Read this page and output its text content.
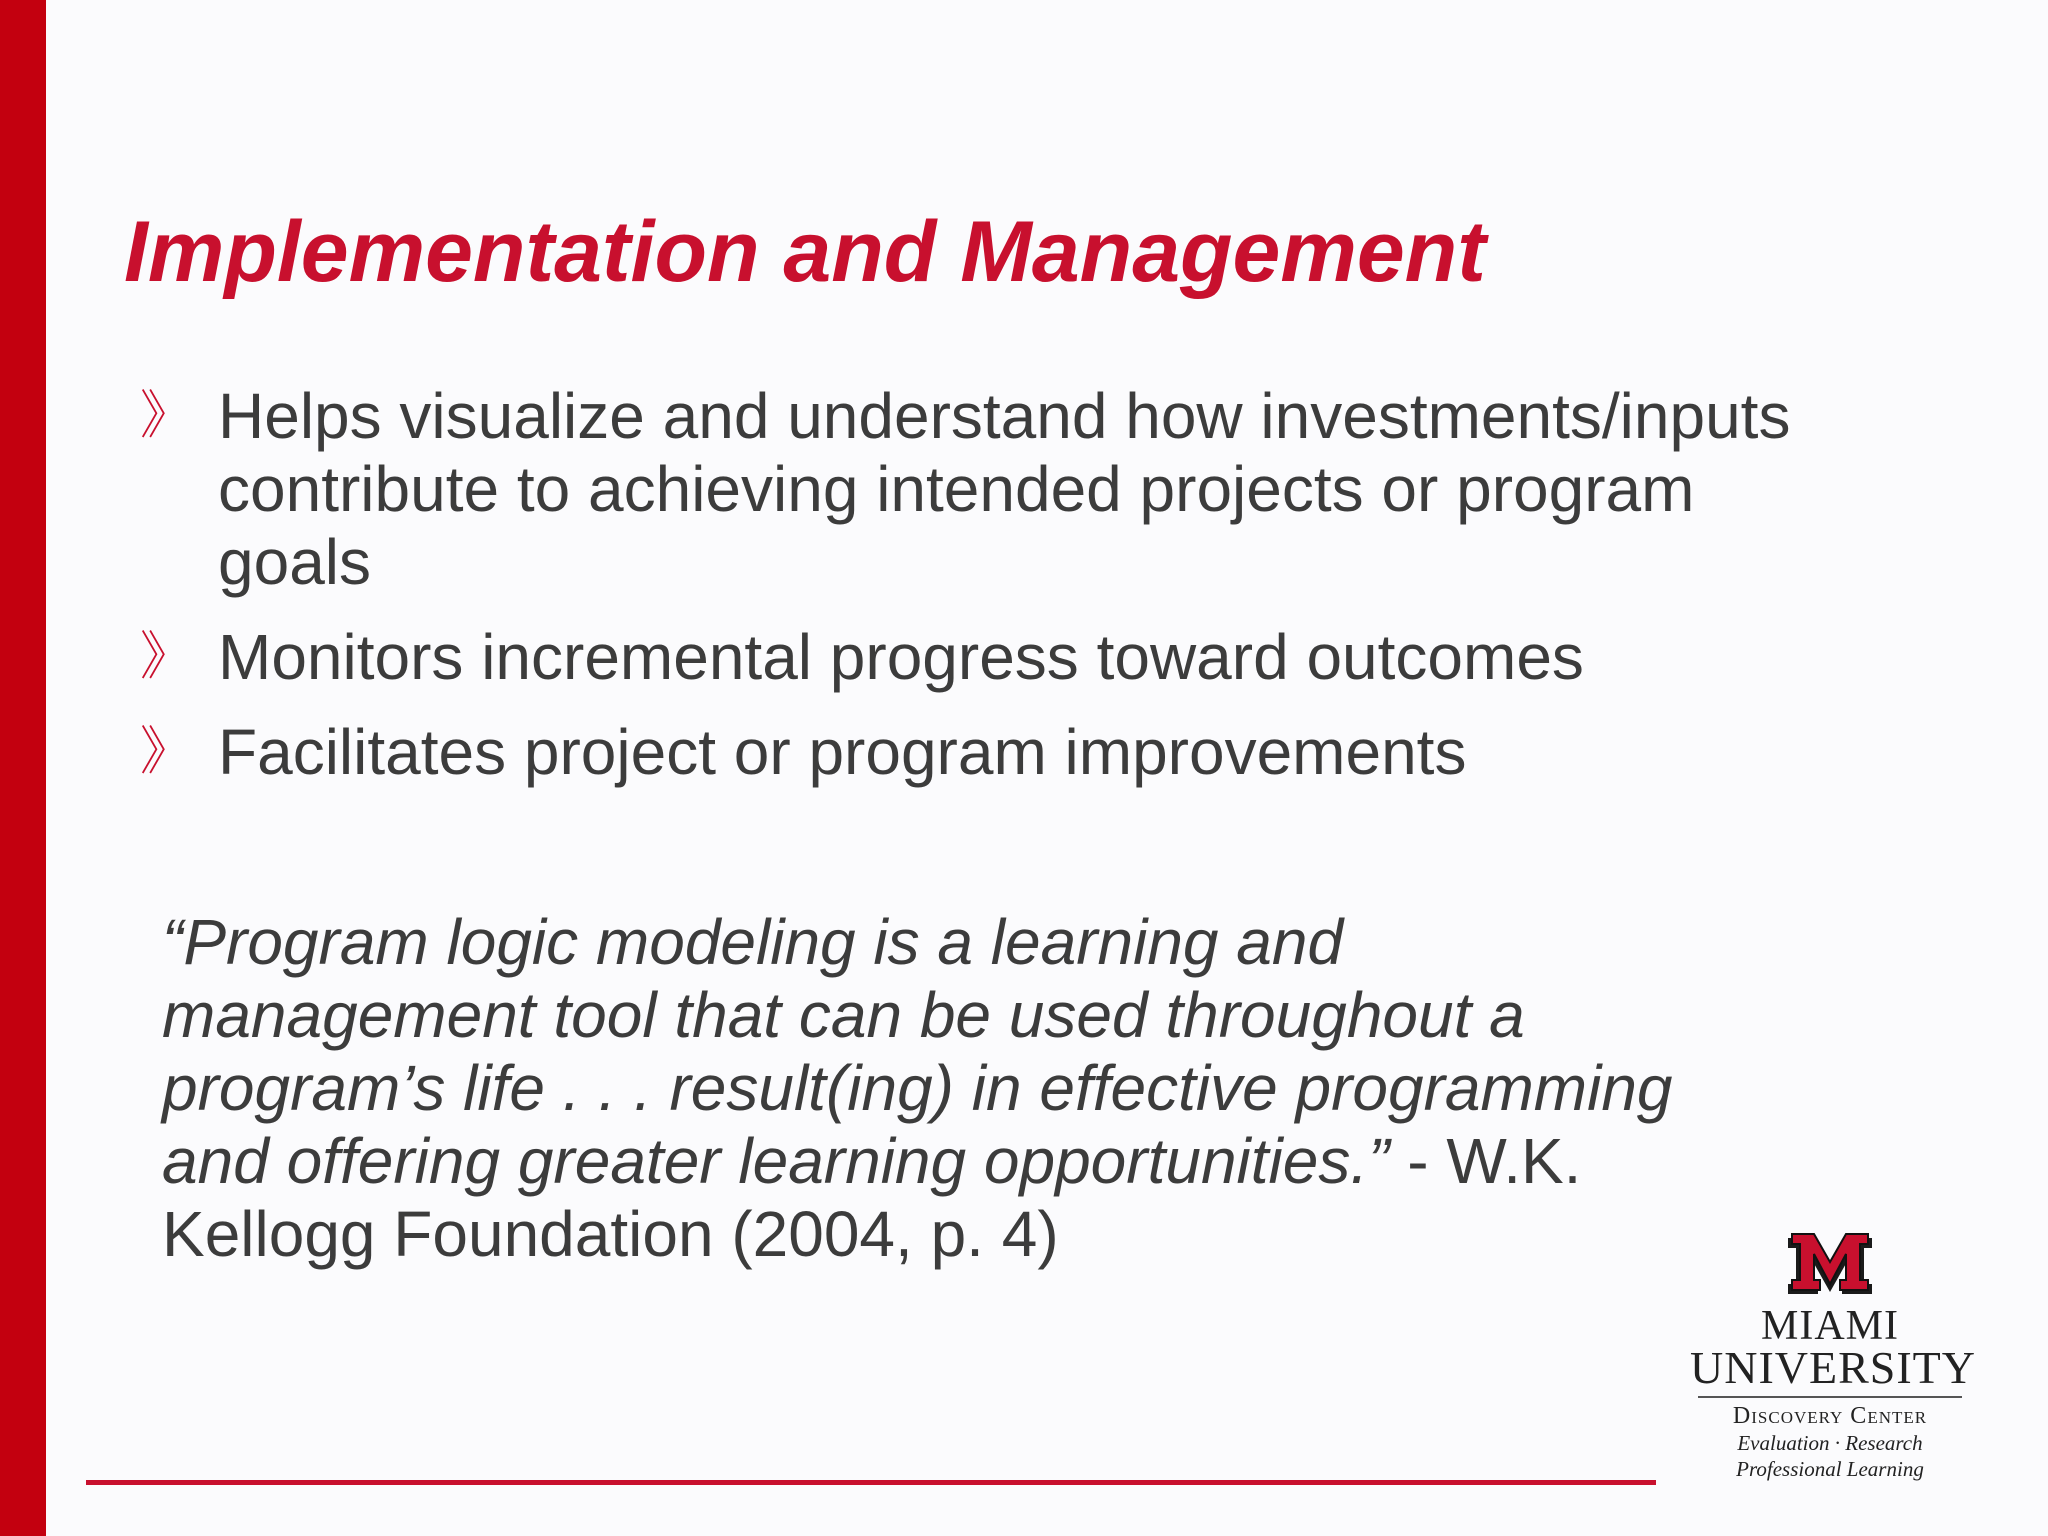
Implementation and Management
》 Helps visualize and understand how investments/inputs contribute to achieving intended projects or program goals
》 Monitors incremental progress toward outcomes
》 Facilitates project or program improvements

“Program logic modeling is a learning and management tool that can be used throughout a program’s life . . . result(ing) in effective programming and offering greater learning opportunities.” - W.K. Kellogg Foundation (2004, p. 4)

MIAMI
UNIVERSITY
Discovery Center
Evaluation · Research
Professional Learning
